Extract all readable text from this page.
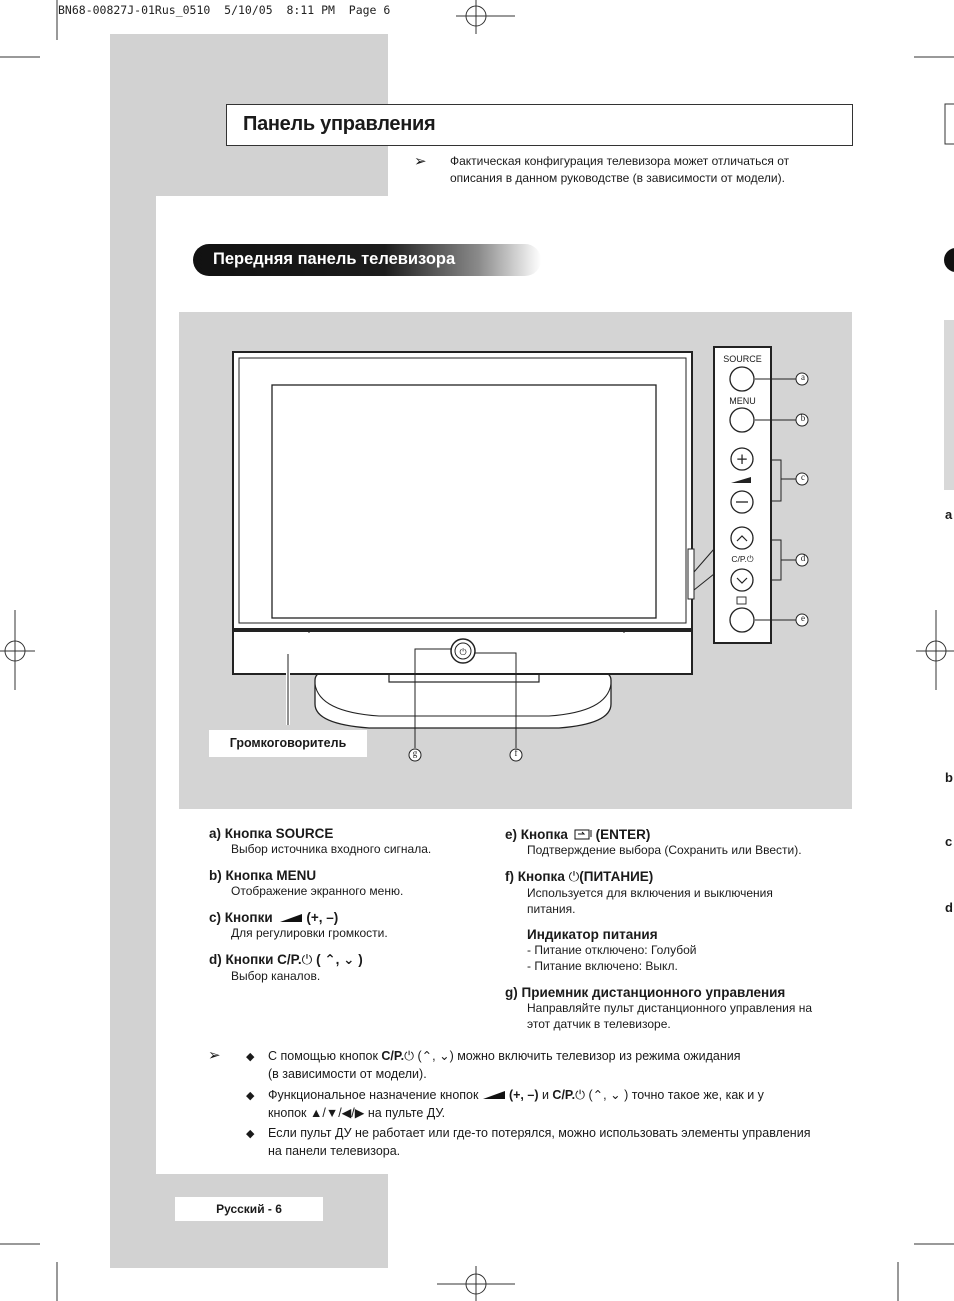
BN68-00827J-01Rus_0510  5/10/05  8:11 PM  Page 6
Панель управления
➢ Фактическая конфигурация телевизора может отличаться от
описания в данном руководстве (в зависимости от модели).
Передняя панель телевизора
⏻
+
SOURCE
MENU
C/P.⏻
a
b
c
d
e
g	f
Громкоговоритель
a) Кнопка SOURCE
Выбор источника входного сигнала.
b) Кнопка MENU
Отображение экранного меню.
c) Кнопки	(+, –)
Для регулировки громкости.
d) Кнопки C/P.⏻ ( ⌃, ⌄ )
Выбор каналов.
e) Кнопка (ENTER)
Подтверждение выбора (Сохранить или Ввести).
f) Кнопка ⏻(ПИТАНИЕ)
Используется для включения и выключения
питания.
Индикатор питания
- Питание отключено: Голубой
- Питание включено: Выкл.
g) Приемник дистанционного управления
Направляйте пульт дистанционного управления на
этот датчик в телевизоре.
➢ ◆ С помощью кнопок C/P.⏻ (⌃, ⌄) можно включить телевизор из режима ожидания
(в зависимости от модели).
◆ Функциональное назначение кнопок (+, –) и C/P.⏻ (⌃, ⌄ ) точно такое же, как и у
кнопок ▲/▼/◀/▶ на пульте ДУ.
◆ Если пульт ДУ не работает или где-то потерялся, можно использовать элементы управления
на панели телевизора.
Русский - 6
a
b
c
d
